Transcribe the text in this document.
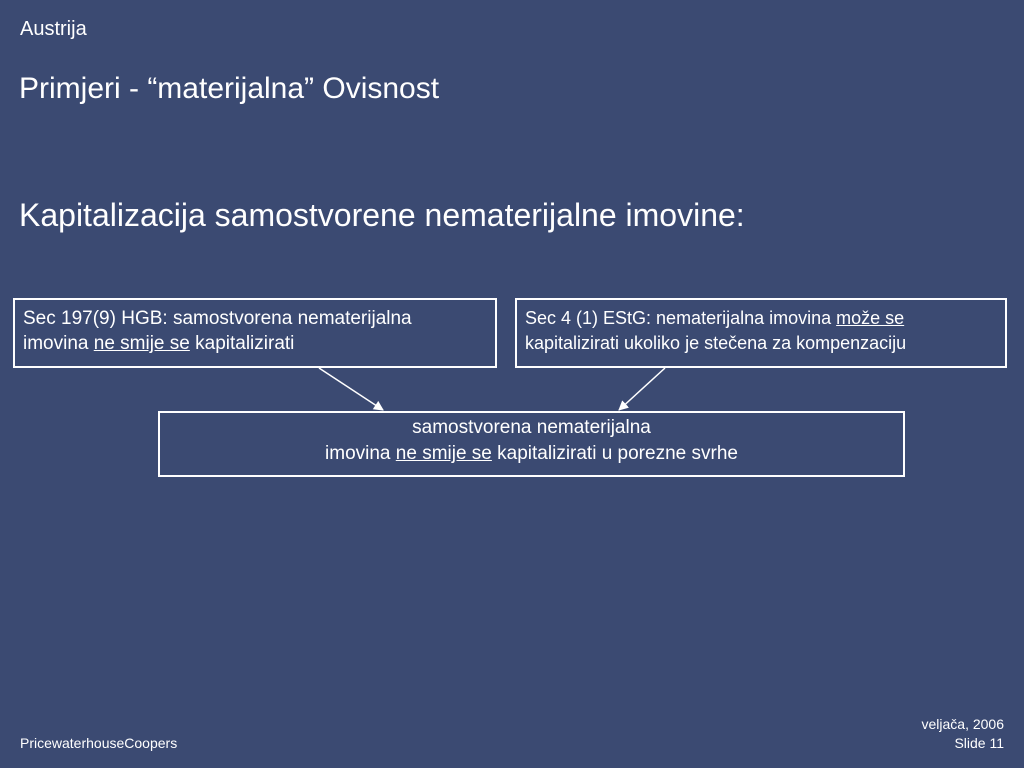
Austrija
Primjeri - “materijalna” Ovisnost
Kapitalizacija samostvorene nematerijalne imovine:
Sec 197(9) HGB: samostvorena nematerijalna
imovina ne smije se kapitalizirati
Sec 4 (1) EStG: nematerijalna imovina može se
kapitalizirati ukoliko je stečena za kompenzaciju
samostvorena nematerijalna
imovina ne smije se kapitalizirati u porezne svrhe
PricewaterhouseCoopers
veljača, 2006
Slide 11
